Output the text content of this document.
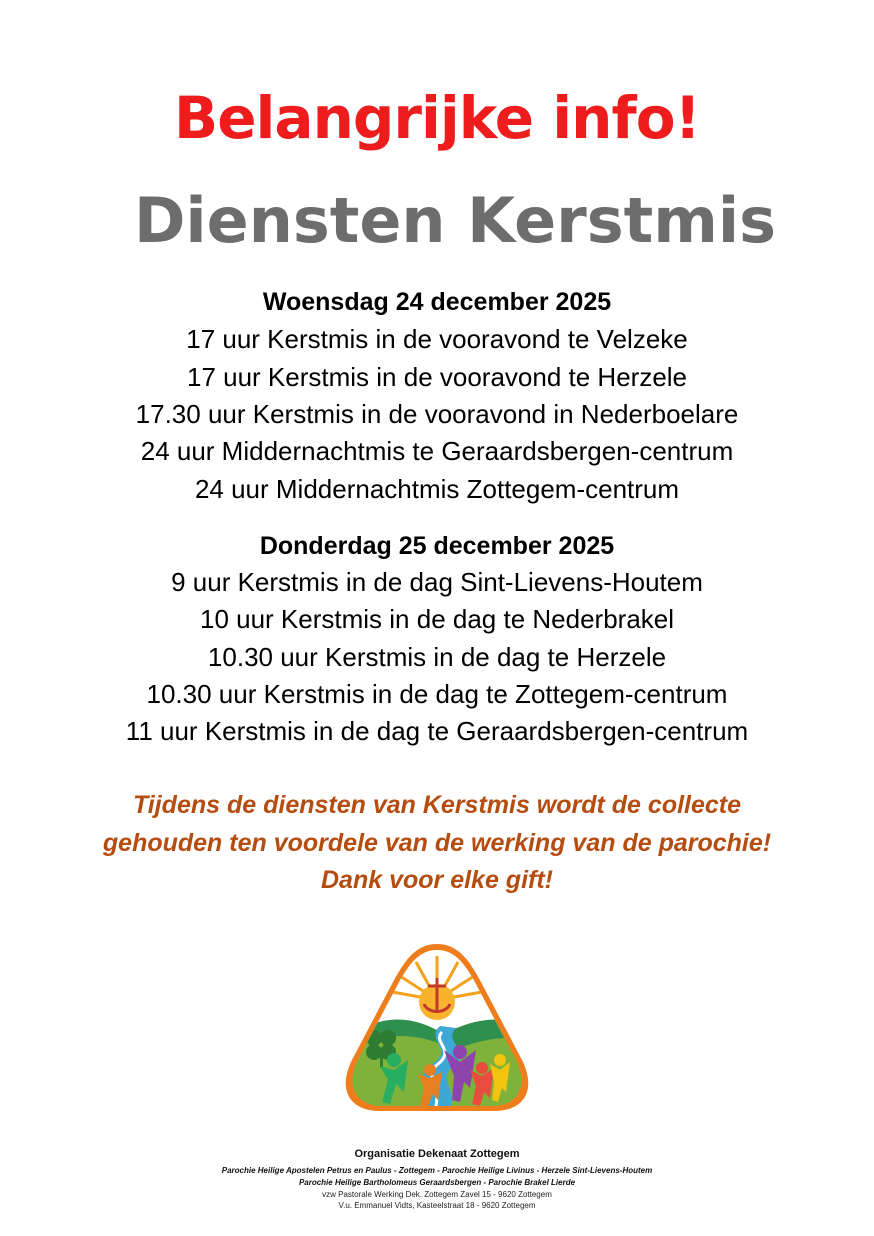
Belangrijke info!
Diensten Kerstmis
Woensdag 24 december 2025
17 uur Kerstmis in de vooravond te Velzeke
17 uur Kerstmis in de vooravond te Herzele
17.30 uur Kerstmis in de vooravond in Nederboelare
24 uur Middernachtmis te Geraardsbergen-centrum
24 uur Middernachtmis Zottegem-centrum
Donderdag 25 december 2025
9 uur Kerstmis in de dag Sint-Lievens-Houtem
10 uur Kerstmis in de dag te Nederbrakel
10.30 uur Kerstmis in de dag te Herzele
10.30 uur Kerstmis in de dag te Zottegem-centrum
11 uur Kerstmis in de dag te Geraardsbergen-centrum
Tijdens de diensten van Kerstmis wordt de collecte
gehouden ten voordele van de werking van de parochie!
Dank voor elke gift!
Organisatie Dekenaat Zottegem
Parochie Heilige Apostelen Petrus en Paulus - Zottegem - Parochie Heilige Livinus - Herzele Sint-Lievens-Houtem
Parochie Heilige Bartholomeus Geraardsbergen - Parochie Brakel Lierde
vzw Pastorale Werking Dek. Zottegem Zavel 15 - 9620 Zottegem
V.u. Emmanuel Vidts, Kasteelstraat 18 - 9620 Zottegem
